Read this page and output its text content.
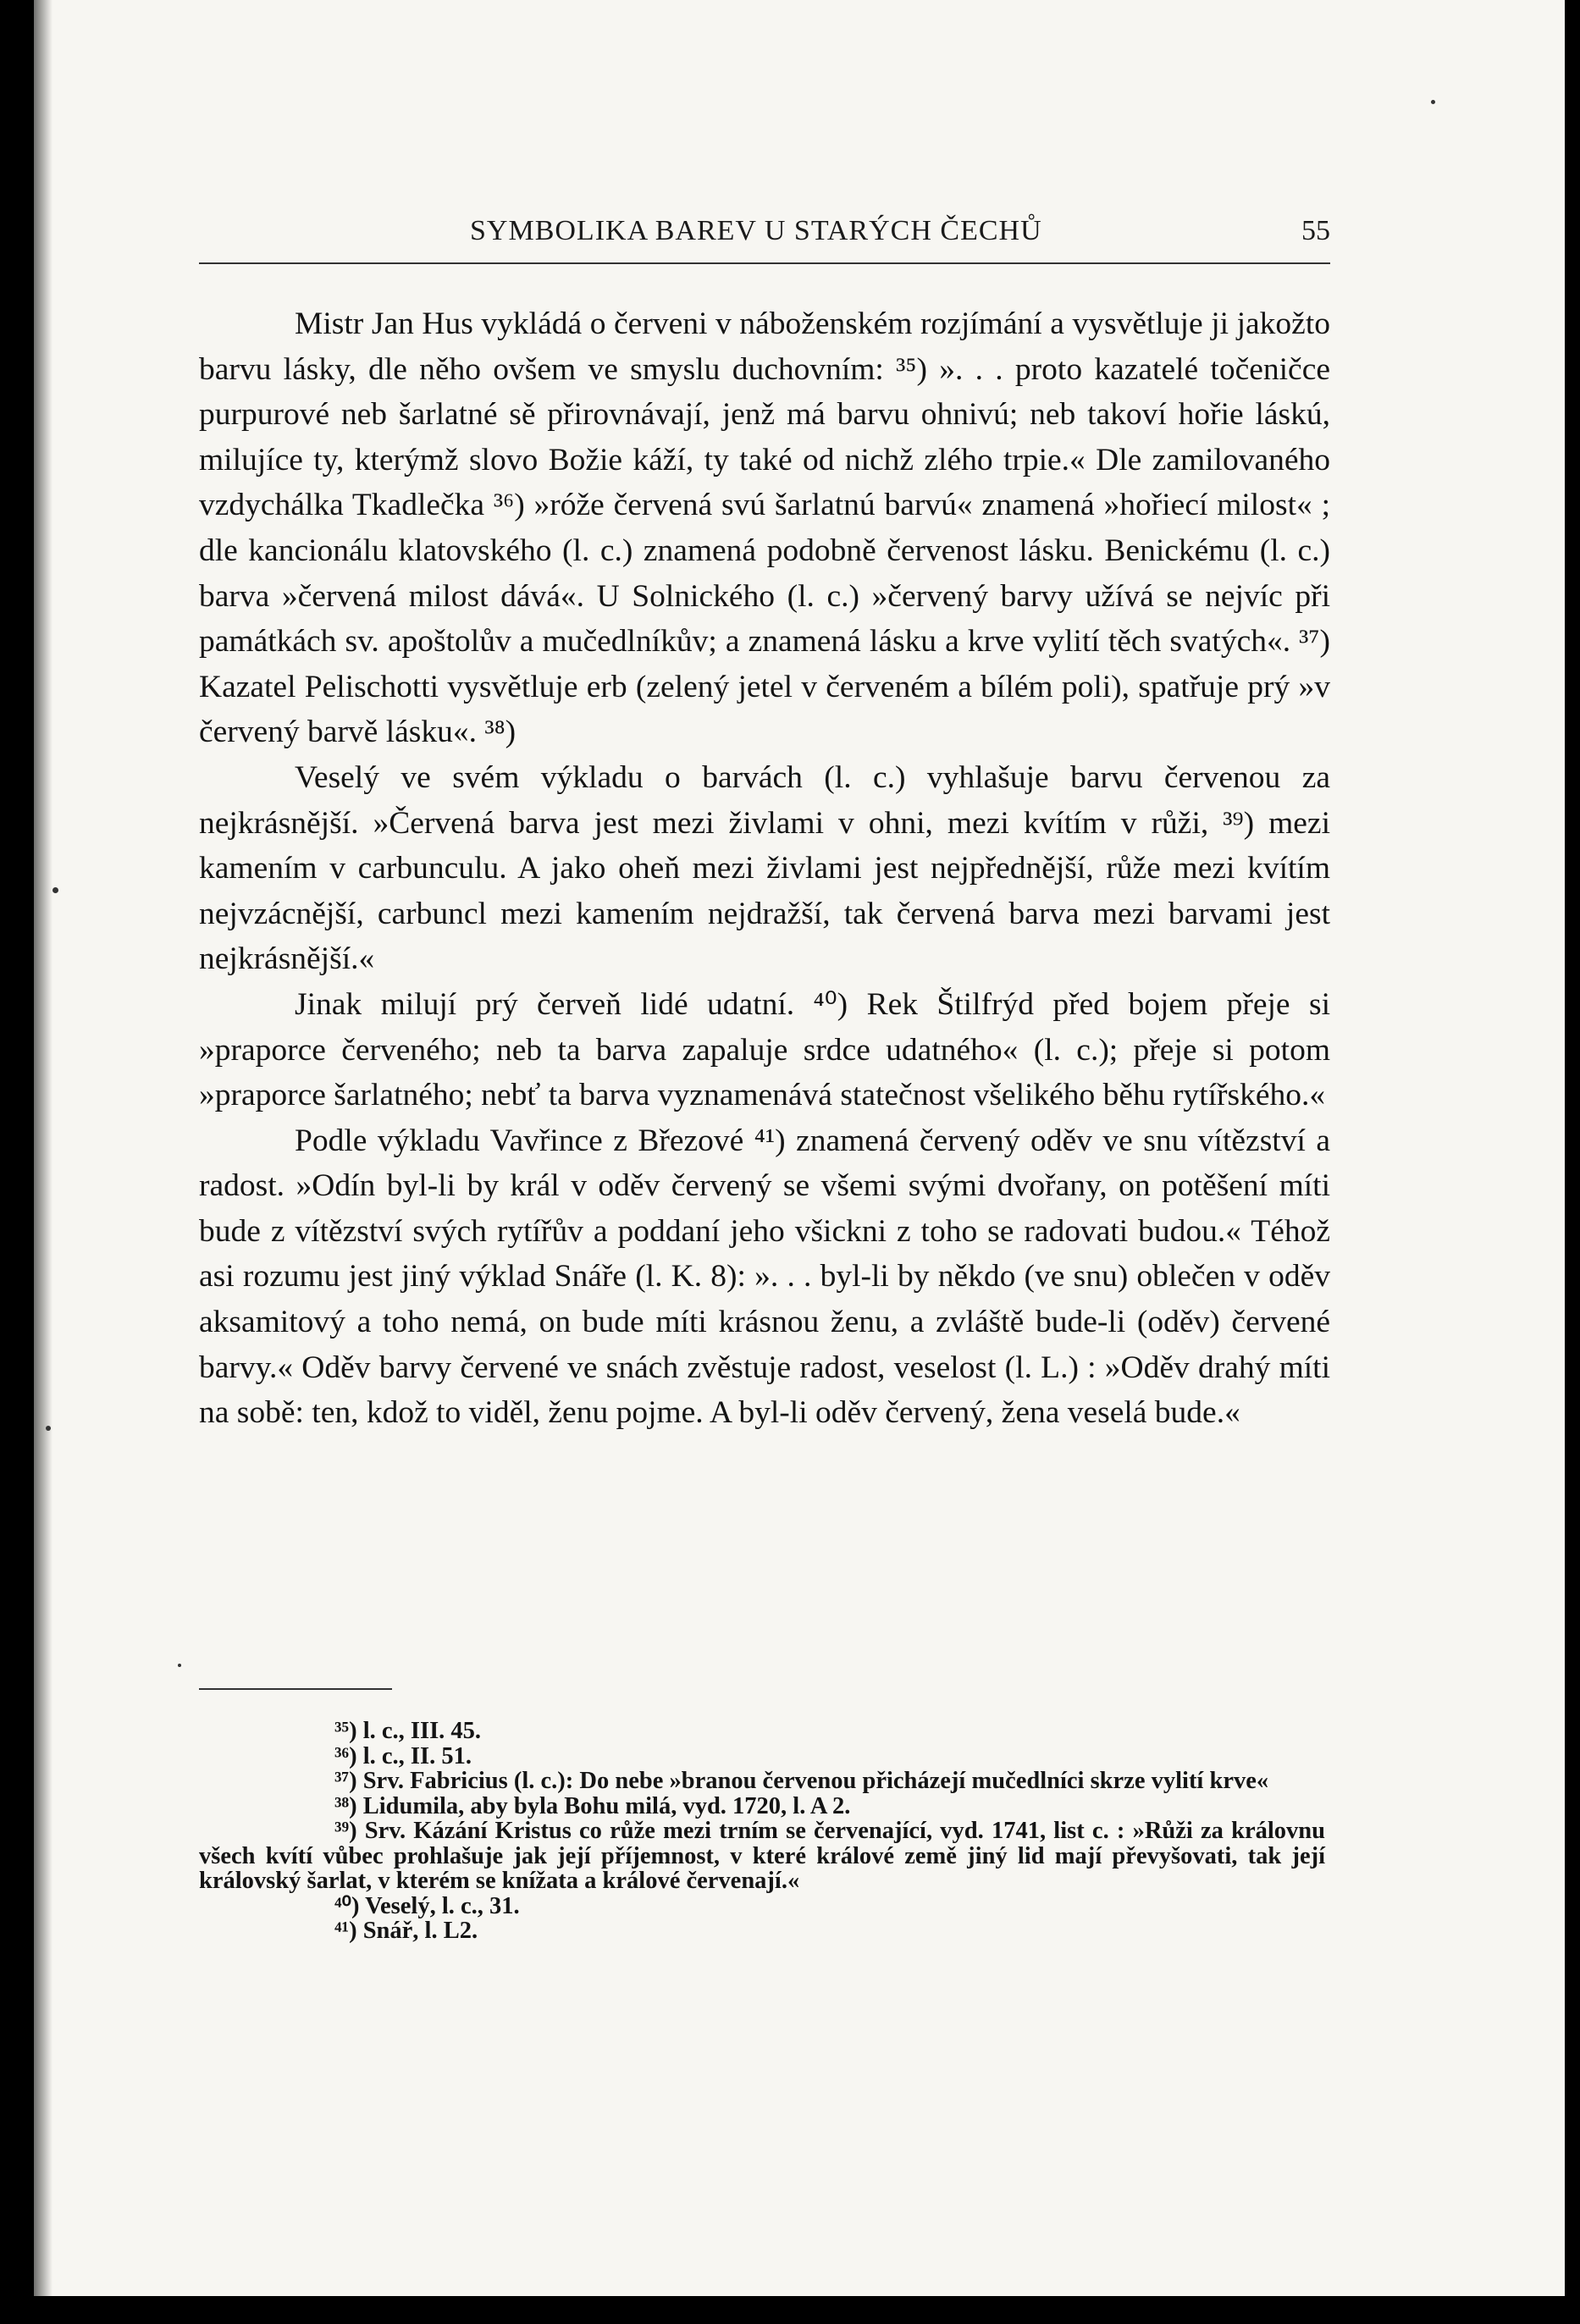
SYMBOLIKA BAREV U STARÝCH ČECHŮ	55

Mistr Jan Hus vykládá o červeni v náboženském rozjímání a vysvětluje ji jakožto barvu lásky, dle něho ovšem ve smyslu duchovním: ³⁵) ». . . proto kazatelé točeničce purpurové neb šarlatné sě přirovnávají, jenž má barvu ohnivú; neb takoví hořie láskú, milujíce ty, kterýmž slovo Božie káží, ty také od nichž zlého trpie.« Dle zamilovaného vzdychálka Tkadlečka ³⁶) »róže červená svú šarlatnú barvú« znamená »hořiecí milost« ; dle kancionálu klatovského (l. c.) znamená podobně červenost lásku. Benickému (l. c.) barva »červená milost dává«. U Solnického (l. c.) »červený barvy užívá se nejvíc při památkách sv. apoštolův a mučedlníkův; a znamená lásku a krve vylití těch svatých«. ³⁷) Kazatel Pelischotti vysvětluje erb (zelený jetel v červeném a bílém poli), spatřuje prý »v červený barvě lásku«. ³⁸)

Veselý ve svém výkladu o barvách (l. c.) vyhlašuje barvu červenou za nejkrásnější. »Červená barva jest mezi živlami v ohni, mezi kvítím v růži, ³⁹) mezi kamením v carbunculu. A jako oheň mezi živlami jest nejpřednější, růže mezi kvítím nejvzácnější, carbuncl mezi kamením nejdražší, tak červená barva mezi barvami jest nejkrásnější.«

Jinak milují prý červeň lidé udatní. ⁴⁰) Rek Štilfrýd před bojem přeje si »praporce červeného; neb ta barva zapaluje srdce udatného« (l. c.); přeje si potom »praporce šarlatného; nebť ta barva vyznamenává statečnost všelikého běhu rytířského.«

Podle výkladu Vavřince z Březové ⁴¹) znamená červený oděv ve snu vítězství a radost. »Odín byl-li by král v oděv červený se všemi svými dvořany, on potěšení míti bude z vítězství svých rytířův a poddaní jeho všickni z toho se radovati budou.« Téhož asi rozumu jest jiný výklad Snáře (l. K. 8): ». . . byl-li by někdo (ve snu) oblečen v oděv aksamitový a toho nemá, on bude míti krásnou ženu, a zvláště bude-li (oděv) červené barvy.« Oděv barvy červené ve snách zvěstuje radost, veselost (l. L.) : »Oděv drahý míti na sobě: ten, kdož to viděl, ženu pojme. A byl-li oděv červený, žena veselá bude.«

³⁵) l. c., III. 45.

³⁶) l. c., II. 51.

³⁷) Srv. Fabricius (l. c.): Do nebe »branou červenou přicházejí mučedlníci skrze vylití krve«

³⁸) Lidumila, aby byla Bohu milá, vyd. 1720, l. A 2.

³⁹) Srv. Kázání Kristus co růže mezi trním se červenající, vyd. 1741, list c. : »Růži za královnu všech kvítí vůbec prohlašuje jak její příjemnost, v které králové země jiný lid mají převyšovati, tak její královský šarlat, v kterém se knížata a králové červenají.«

⁴⁰) Veselý, l. c., 31.

⁴¹) Snář, l. L2.
